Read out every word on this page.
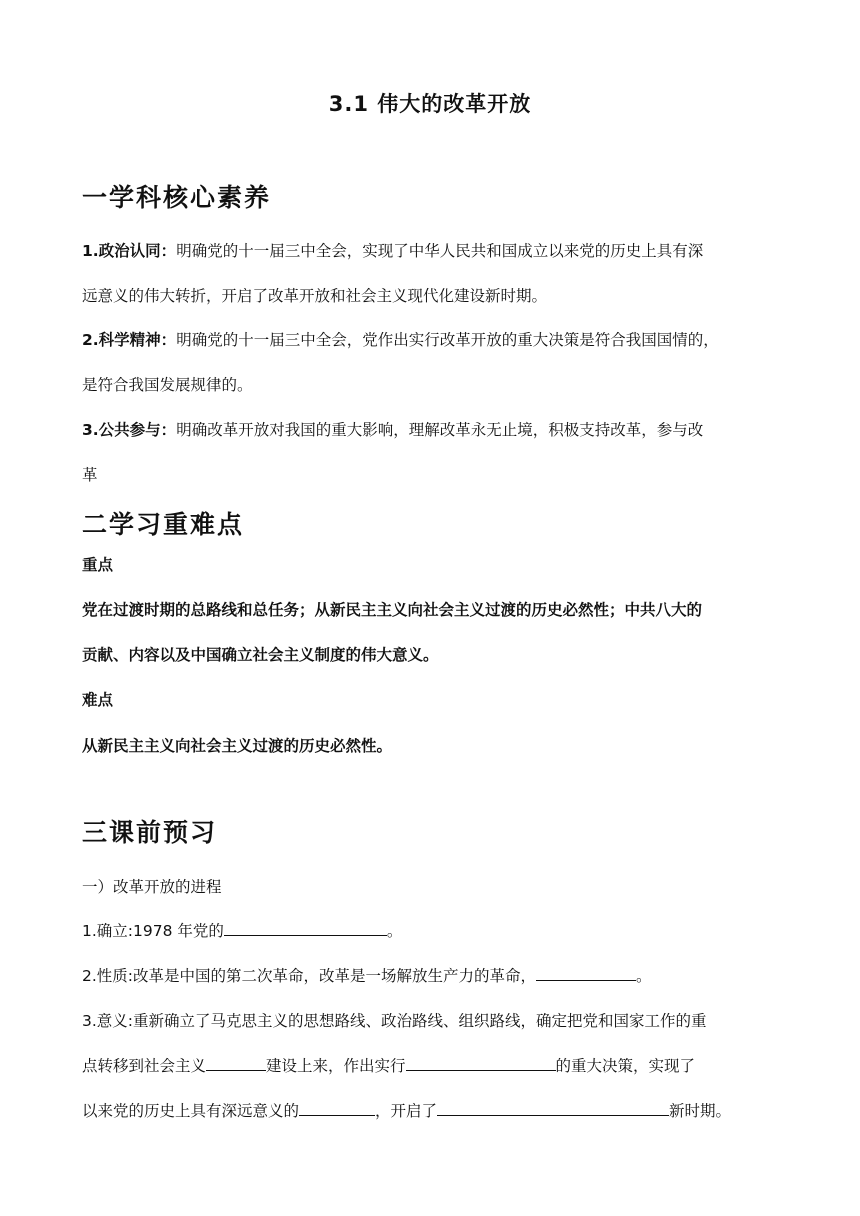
3.1 伟大的改革开放
一学科核心素养
1.政治认同：明确党的十一届三中全会，实现了中华人民共和国成立以来党的历史上具有深
远意义的伟大转折，开启了改革开放和社会主义现代化建设新时期。
2.科学精神：明确党的十一届三中全会，党作出实行改革开放的重大决策是符合我国国情的，
是符合我国发展规律的。
3.公共参与：明确改革开放对我国的重大影响，理解改革永无止境，积极支持改革，参与改
革
二学习重难点
重点
党在过渡时期的总路线和总任务；从新民主主义向社会主义过渡的历史必然性；中共八大的
贡献、内容以及中国确立社会主义制度的伟大意义。
难点
从新民主主义向社会主义过渡的历史必然性。
三课前预习
一）改革开放的进程
1.确立:1978 年党的	。
2.性质:改革是中国的第二次革命，改革是一场解放生产力的革命，	。
3.意义:重新确立了马克思主义的思想路线、政治路线、组织路线，确定把党和国家工作的重
点转移到社会主义	建设上来，作出实行	的重大决策，实现了
以来党的历史上具有深远意义的	，开启了	新时期。
